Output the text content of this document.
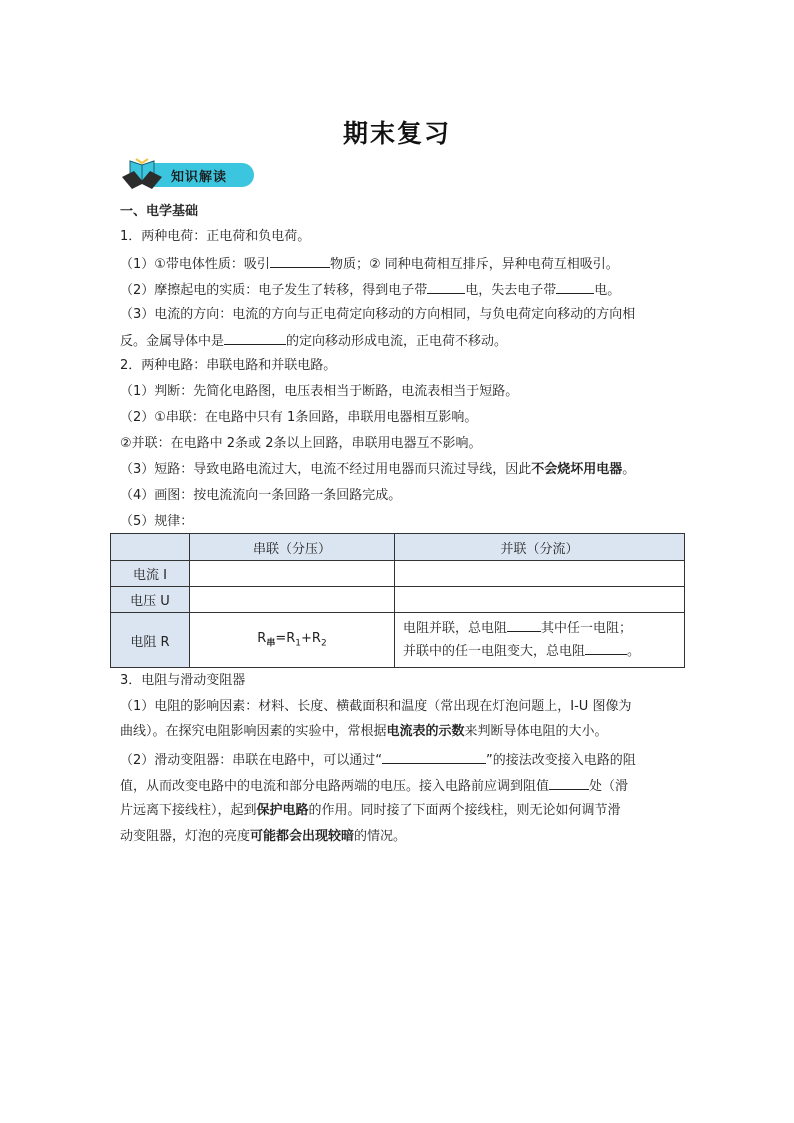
期末复习
知识解读
一、电学基础
1．两种电荷：正电荷和负电荷。
（1）①带电体性质：吸引	物质；② 同种电荷相互排斥，异种电荷互相吸引。
（2）摩擦起电的实质：电子发生了转移，得到电子带	电，失去电子带	电。
（3）电流的方向：电流的方向与正电荷定向移动的方向相同，与负电荷定向移动的方向相
反。金属导体中是	的定向移动形成电流，正电荷不移动。
2．两种电路：串联电路和并联电路。
（1）判断：先简化电路图，电压表相当于断路，电流表相当于短路。
（2）①串联：在电路中只有 1条回路，串联用电器相互影响。
②并联：在电路中 2条或 2条以上回路，串联用电器互不影响。
（3）短路：导致电路电流过大，电流不经过用电器而只流过导线，因此不会烧坏用电器。
（4）画图：按电流流向一条回路一条回路完成。
（5）规律：
	串联（分压）	并联（分流）
电流 I		
电压 U		
电阻 R	$R_串=R_1+R_2$	电阻并联，总电阻 其中任一电阻；
并联中的任一电阻变大，总电阻 。
3．电阻与滑动变阻器
（1）电阻的影响因素：材料、长度、横截面积和温度（常出现在灯泡问题上，I-U 图像为
曲线）。在探究电阻影响因素的实验中，常根据电流表的示数来判断导体电阻的大小。
（2）滑动变阻器：串联在电路中，可以通过“	”的接法改变接入电路的阻
值，从而改变电路中的电流和部分电路两端的电压。接入电路前应调到阻值	处（滑
片远离下接线柱），起到保护电路的作用。同时接了下面两个接线柱，则无论如何调节滑
动变阻器，灯泡的亮度可能都会出现较暗的情况。
